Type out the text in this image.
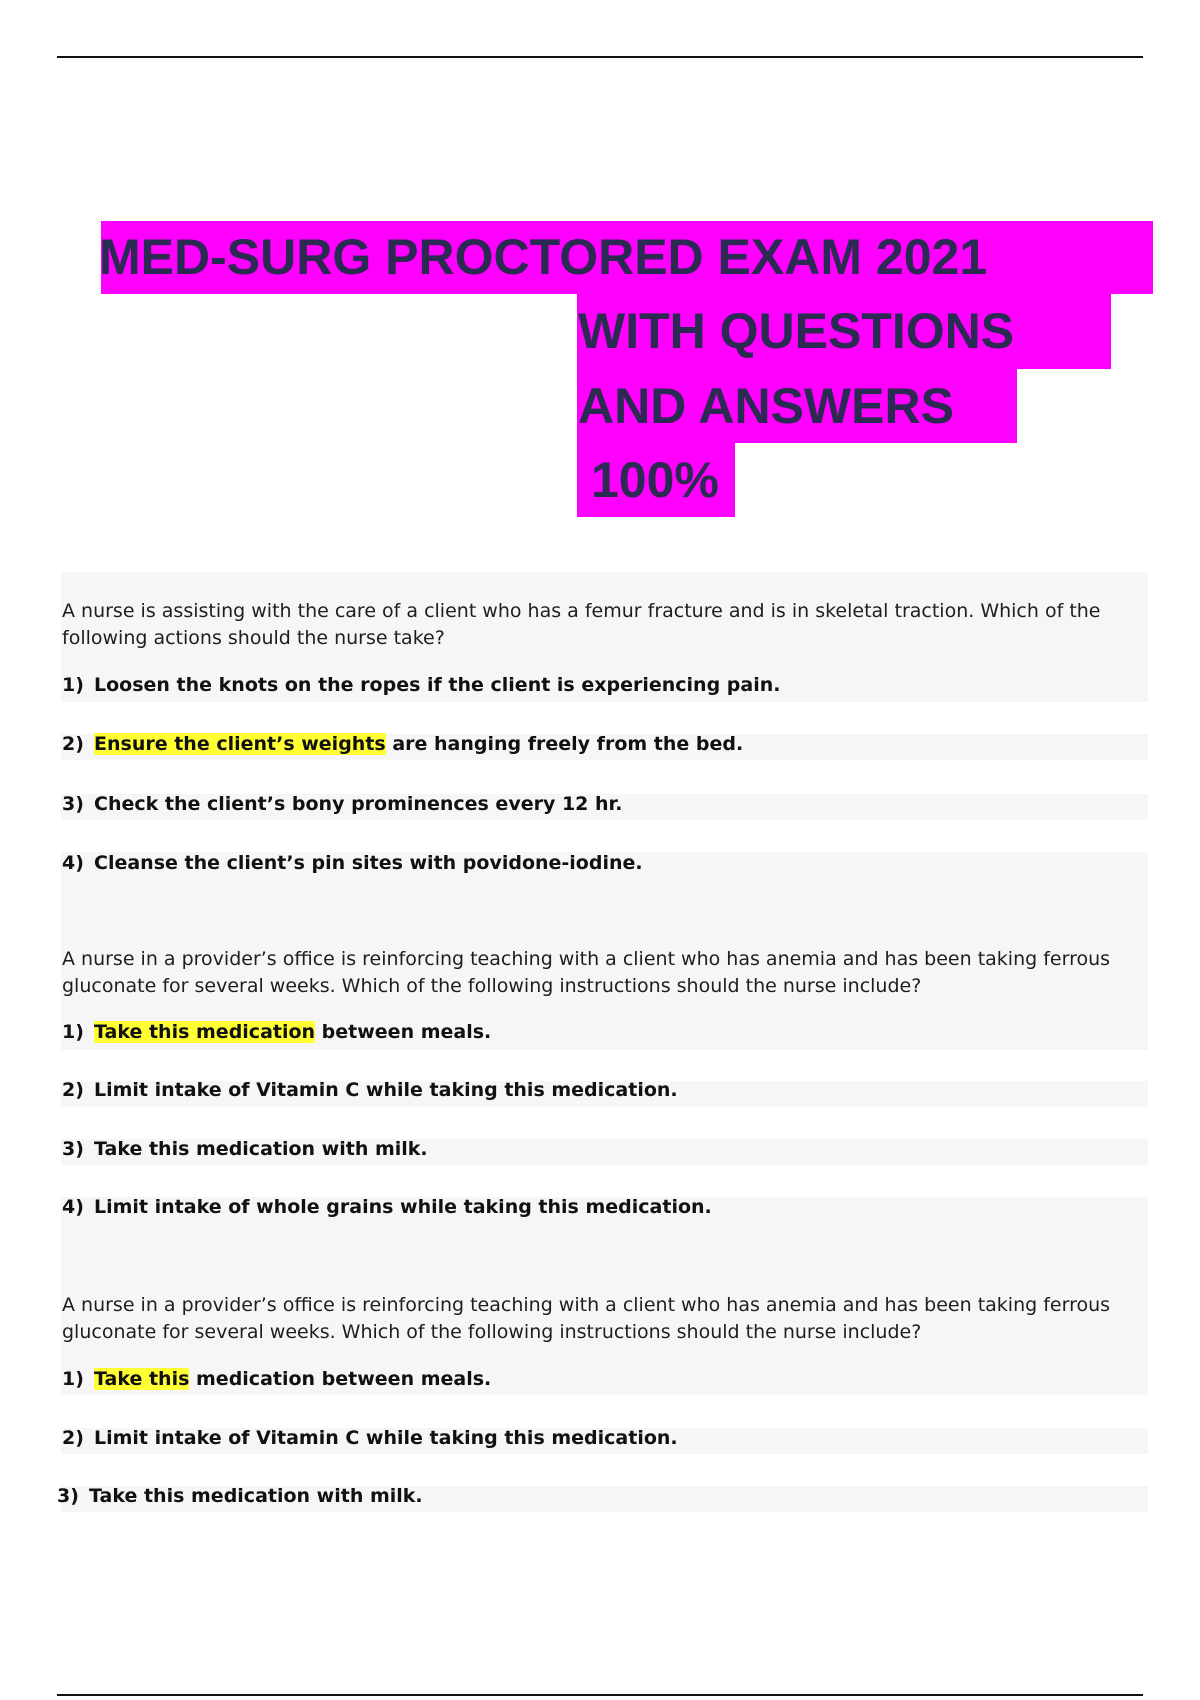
MED-SURG PROCTORED EXAM 2021
WITH QUESTIONS
AND ANSWERS
100%
A nurse is assisting with the care of a client who has a femur fracture and is in skeletal traction. Which of the following actions should the nurse take?
1) Loosen the knots on the ropes if the client is experiencing pain.
2) Ensure the client’s weights are hanging freely from the bed.
3) Check the client’s bony prominences every 12 hr.
4) Cleanse the client’s pin sites with povidone-iodine.
A nurse in a provider’s office is reinforcing teaching with a client who has anemia and has been taking ferrous gluconate for several weeks. Which of the following instructions should the nurse include?
1) Take this medication between meals.
2) Limit intake of Vitamin C while taking this medication.
3) Take this medication with milk.
4) Limit intake of whole grains while taking this medication.
A nurse in a provider’s office is reinforcing teaching with a client who has anemia and has been taking ferrous gluconate for several weeks. Which of the following instructions should the nurse include?
1) Take this medication between meals.
2) Limit intake of Vitamin C while taking this medication.
3) Take this medication with milk.
